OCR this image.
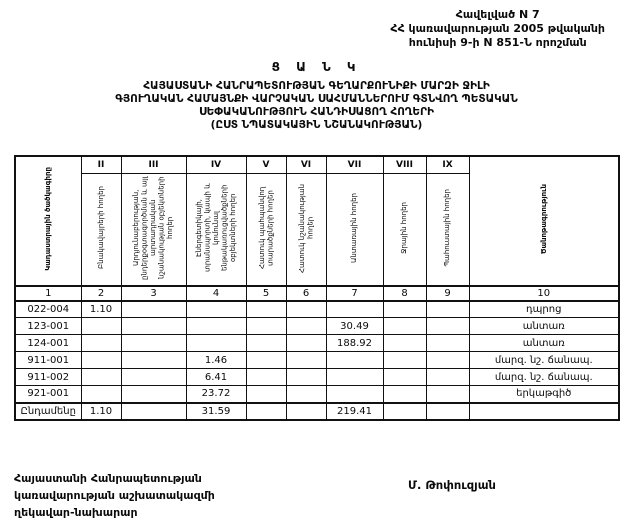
Հավելված N 7
ՀՀ կառավարության 2005 թվականի
հունիսի 9-ի N 851-Ն որոշման
Ց Ա Ն Կ
ՀԱՅԱՍՏԱՆԻ ՀԱՆՐԱՊԵՏՈՒԹՅԱՆ ԳԵՂԱՐՔՈՒՆԻՔԻ ՄԱՐԶԻ ՋԻԼԻ
ԳՅՈՒՂԱԿԱՆ ՀԱՄԱՅՆՔԻ ՎԱՐՉԱԿԱՆ ՍԱՀՄԱՆՆԵՐՈՒՄ ԳՏՆՎՈՂ ՊԵՏԱԿԱՆ
ՍԵՓԱԿԱՆՈՒԹՅՈՒՆ ՀԱՆԴԻՍԱՑՈՂ ՀՈՂԵՐԻ
(ԸՍՏ ՆՊԱՏԱԿԱՅԻՆ ՆՇԱՆԱԿՈՒԹՅԱՆ)
Կադաստրային ծածկագիրը	II	III	IV	V	VI	VII	VIII	IX	Ծանոթագրություն
	Բնակավայրերի հողեր	Արդյունաբերության, ընդերքօգտագործման և այլ արտադրական նշանակության օբյեկտների հողեր	Էներգետիկայի, տրանսպորտի, կապի և կոմունալ ենթակառուցվածքների օբյեկտների հողեր	Հատուկ պահպանվող տարածքների հողեր	Հատուկ նշանակության հողեր	Անտառային հողեր	Ջրային հողեր	Պահուստային հողեր	
1	2	3	4	5	6	7	8	9	10
022-004	1.10								դպրոց
123-001						30.49			անտառ
124-001						188.92			անտառ
911-001			1.46						մարզ. նշ. ճանապ.
911-002			6.41						մարզ. նշ. ճանապ.
921-001			23.72						երկաթգիծ
Ընդամենը	1.10		31.59			219.41			
Հայաստանի Հանրապետության
կառավարության աշխատակազմի
ղեկավար-նախարար
Մ. Թոփուզյան
